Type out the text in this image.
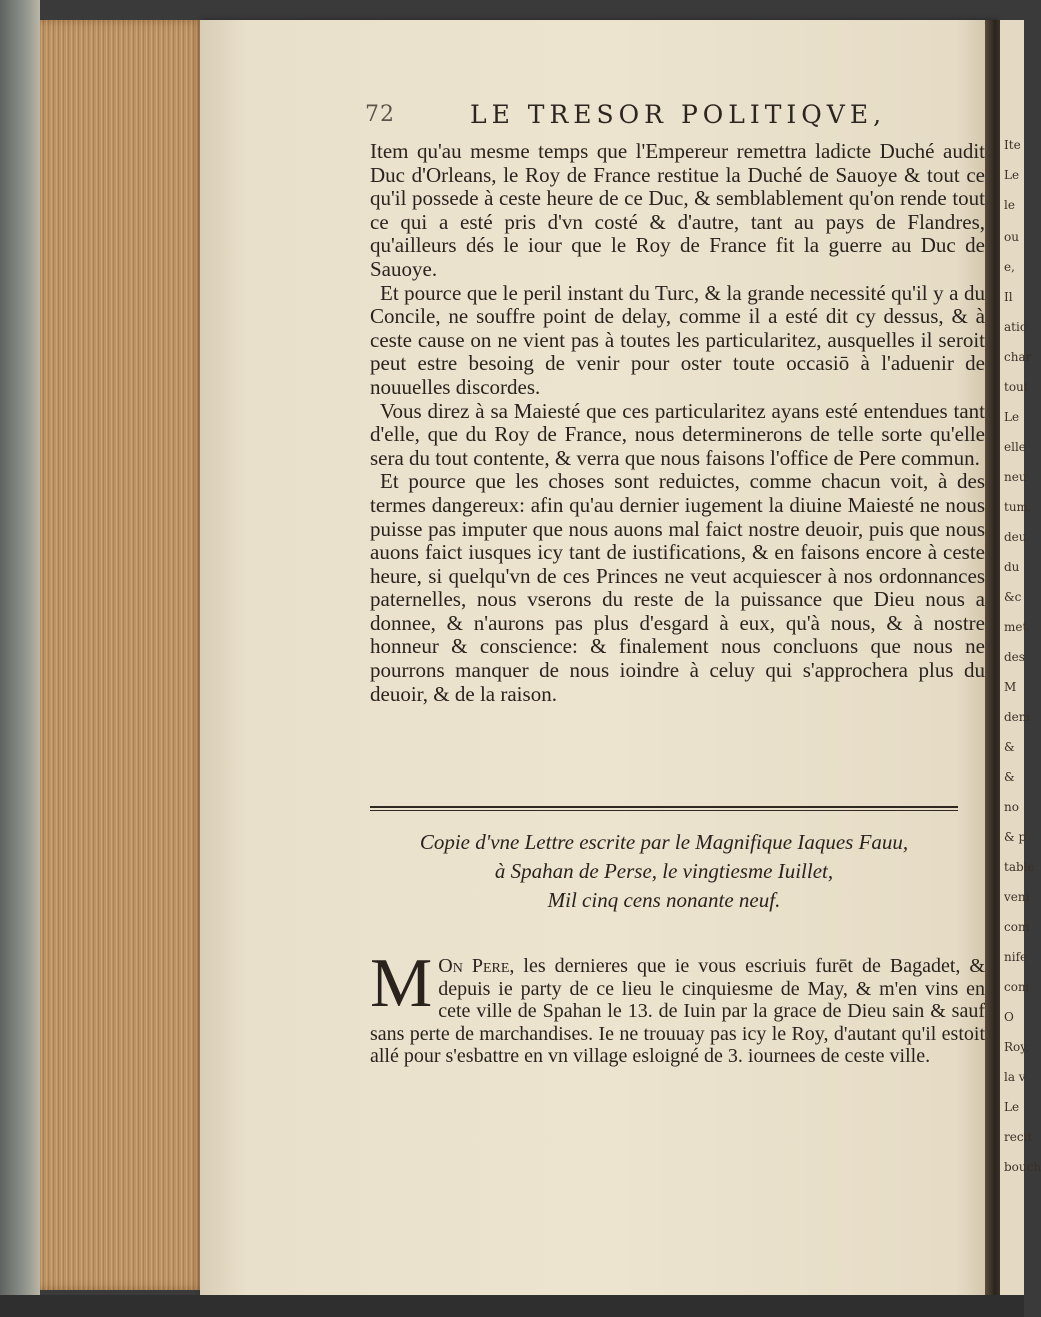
Ite
Le
le
ou
e,
Il
atio
char
tout
Le
elle
neu
tum,
deu
du
&c
met
des
M
dem
&
&
no
& p
table
veni
com
nife
com
O
Roy,
la v
Le
recit
bouch
72	LE TRESOR POLITIQVE,

Item qu'au mesme temps que l'Empereur remettra ladicte Duché audit Duc d'Orleans, le Roy de France restitue la Duché de Sauoye & tout ce qu'il possede à ceste heure de ce Duc, & semblablement qu'on rende tout ce qui a esté pris d'vn costé & d'autre, tant au pays de Flandres, qu'ailleurs dés le iour que le Roy de France fit la guerre au Duc de Sauoye.

Et pource que le peril instant du Turc, & la grande necessité qu'il y a du Concile, ne souffre point de delay, comme il a esté dit cy dessus, & à ceste cause on ne vient pas à toutes les particularitez, ausquelles il seroit peut estre besoing de venir pour oster toute occasiō à l'aduenir de nouuelles discordes.

Vous direz à sa Maiesté que ces particularitez ayans esté entendues tant d'elle, que du Roy de France, nous determinerons de telle sorte qu'elle sera du tout contente, & verra que nous faisons l'office de Pere commun.

Et pource que les choses sont reduictes, comme chacun voit, à des termes dangereux: afin qu'au dernier iugement la diuine Maiesté ne nous puisse pas imputer que nous auons mal faict nostre deuoir, puis que nous auons faict iusques icy tant de iustifications, & en faisons encore à ceste heure, si quelqu'vn de ces Princes ne veut acquiescer à nos ordonnances paternelles, nous vserons du reste de la puissance que Dieu nous a donnee, & n'aurons pas plus d'esgard à eux, qu'à nous, & à nostre honneur & conscience: & finalement nous concluons que nous ne pourrons manquer de nous ioindre à celuy qui s'approchera plus du deuoir, & de la raison.

Copie d'vne Lettre escrite par le Magnifique Iaques Fauu,
à Spahan de Perse, le vingtiesme Iuillet,
Mil cinq cens nonante neuf.
M On Pere, les dernieres que ie vous escriuis furēt de Bagadet, & depuis ie party de ce lieu le cinquiesme de May, & m'en vins en cete ville de Spahan le 13. de Iuin par la grace de Dieu sain & sauf sans perte de marchandises. Ie ne trouuay pas icy le Roy, d'autant qu'il estoit allé pour s'esbattre en vn village esloigné de 3. iournees de ceste ville.
